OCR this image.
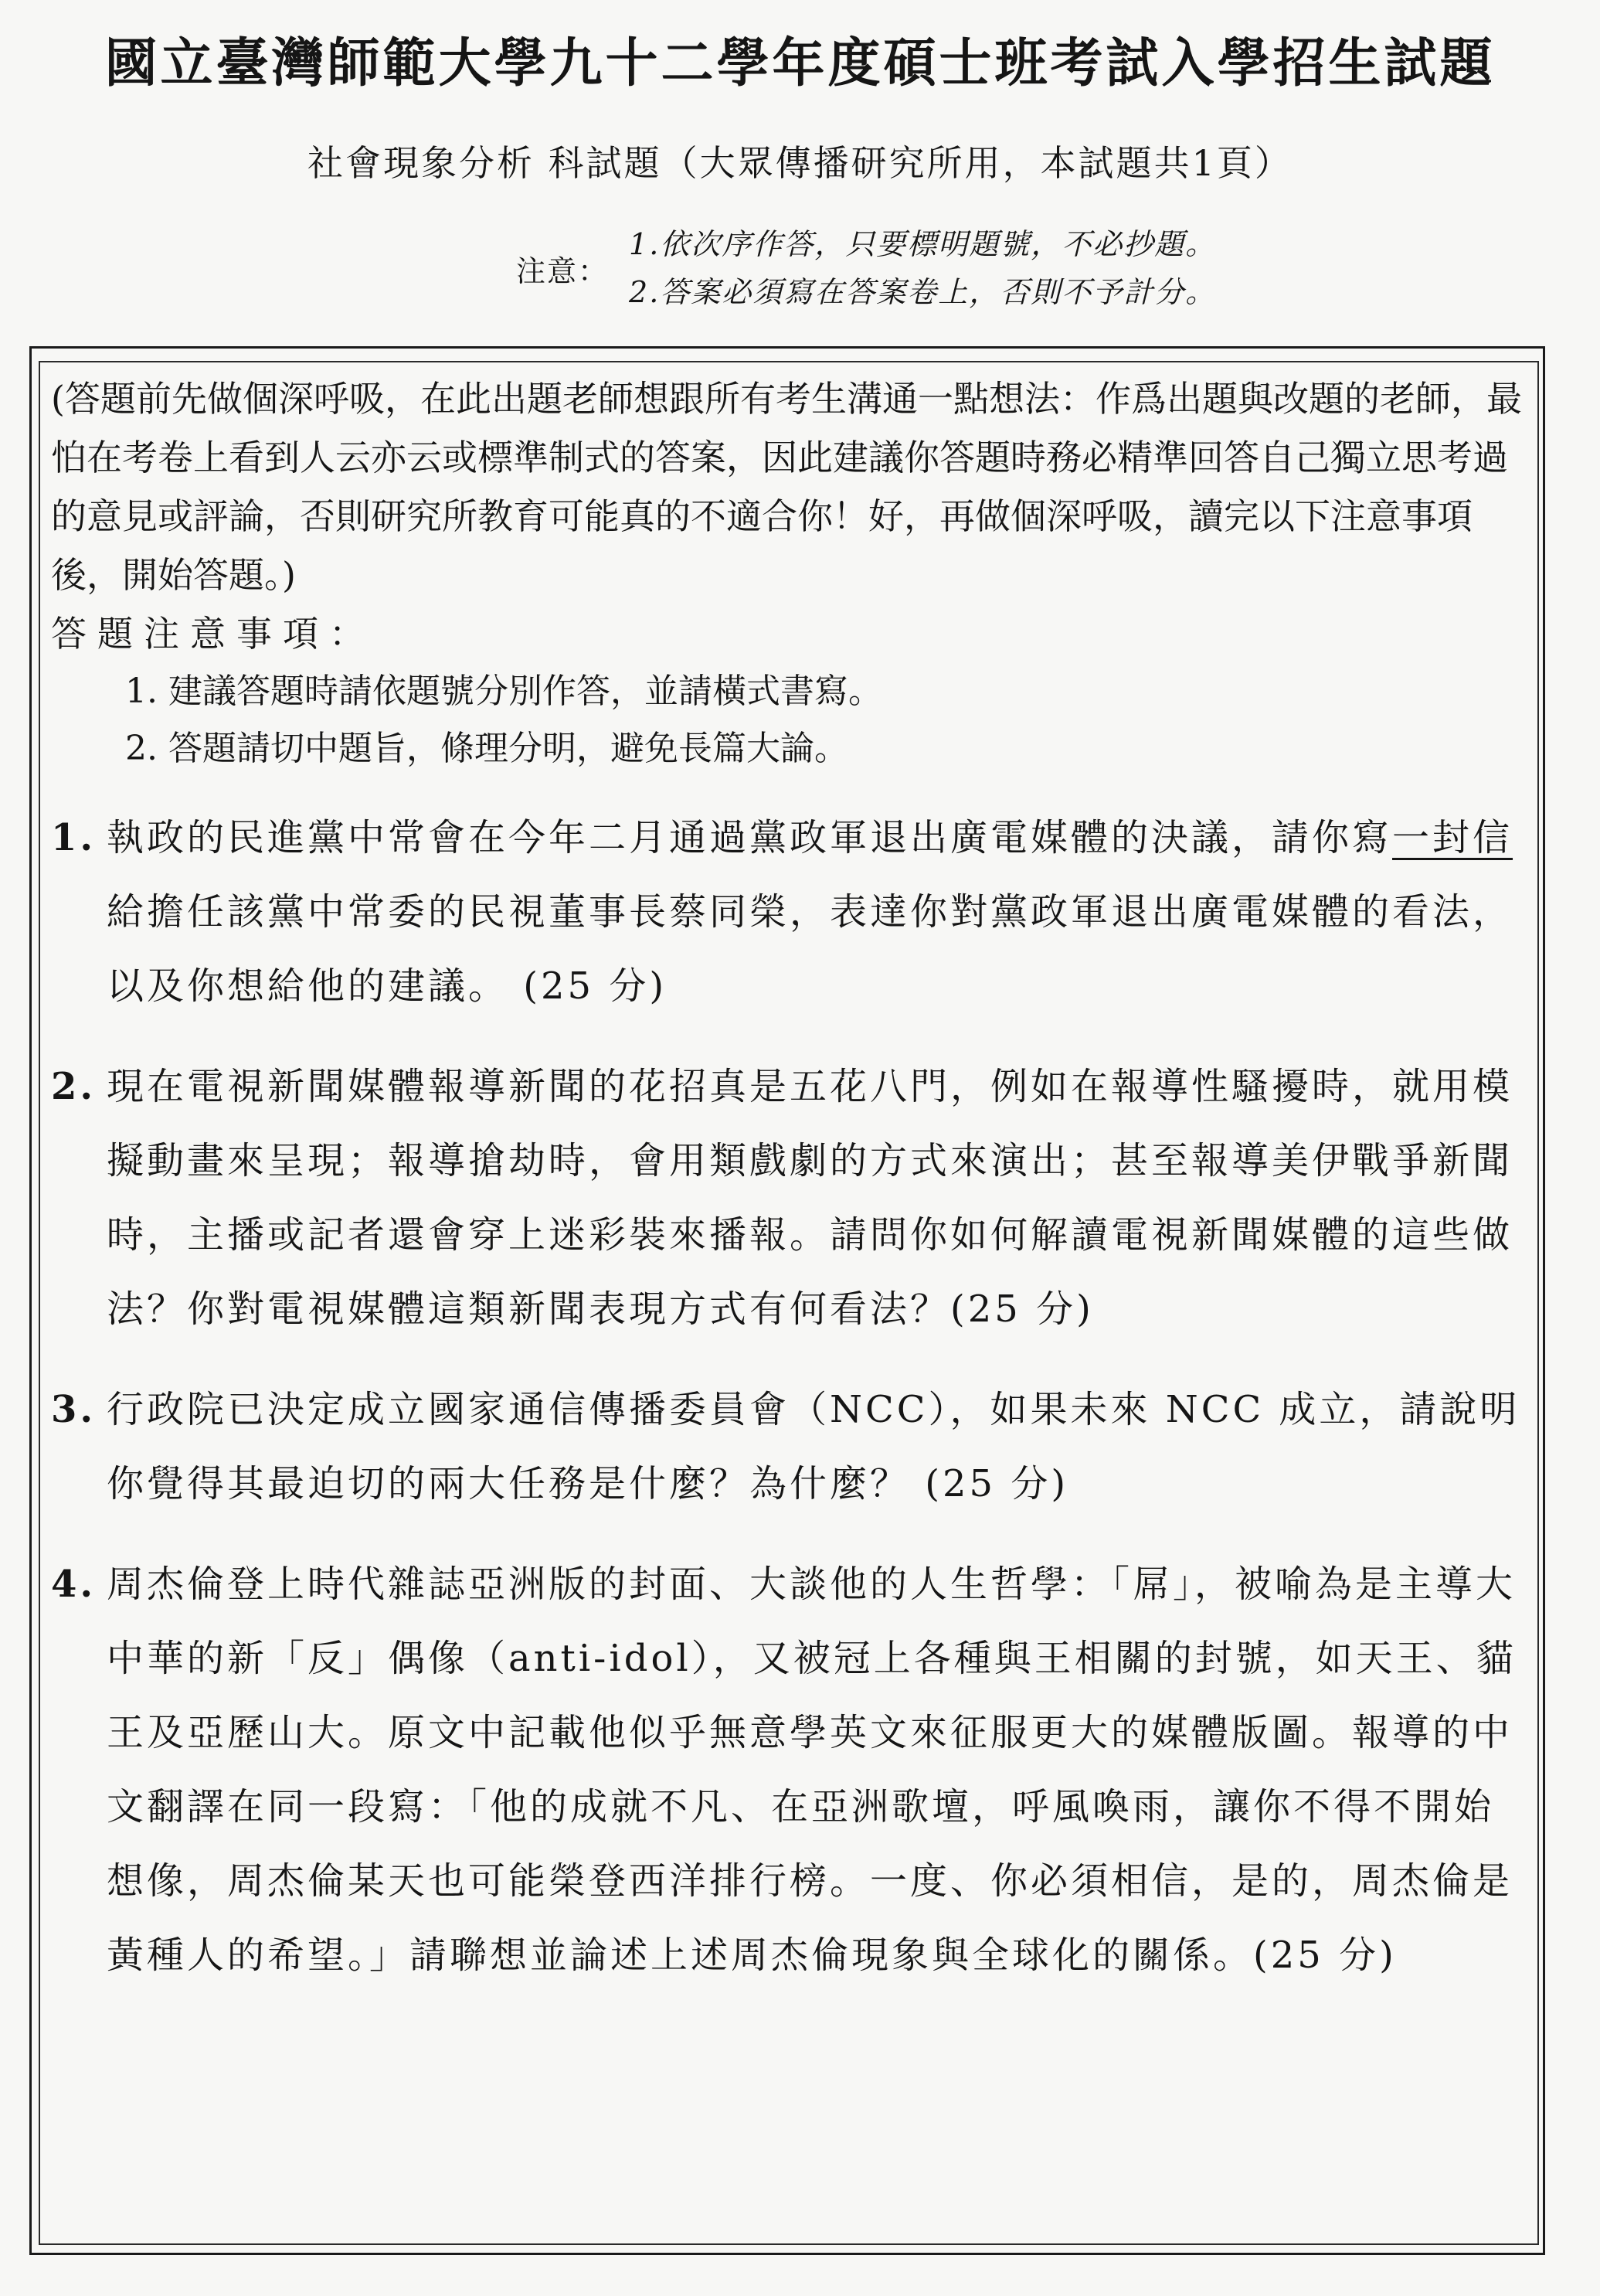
國立臺灣師範大學九十二學年度碩士班考試入學招生試題
社會現象分析 科試題（大眾傳播研究所用，本試題共1頁）
注意：
1.依次序作答，只要標明題號，不必抄題。
2.答案必須寫在答案卷上，否則不予計分。

(答題前先做個深呼吸，在此出題老師想跟所有考生溝通一點想法：作爲出題與改題的老師，最怕在考卷上看到人云亦云或標準制式的答案，因此建議你答題時務必精準回答自己獨立思考過的意見或評論，否則研究所教育可能真的不適合你！好，再做個深呼吸，讀完以下注意事項後，開始答題。)

答題注意事項：

1. 建議答題時請依題號分別作答，並請橫式書寫。
2. 答題請切中題旨，條理分明，避免長篇大論。
1. 執政的民進黨中常會在今年二月通過黨政軍退出廣電媒體的決議，請你寫一封信給擔任該黨中常委的民視董事長蔡同榮，表達你對黨政軍退出廣電媒體的看法，以及你想給他的建議。 (25 分)
2. 現在電視新聞媒體報導新聞的花招真是五花八門，例如在報導性騷擾時，就用模擬動畫來呈現；報導搶劫時，會用類戲劇的方式來演出；甚至報導美伊戰爭新聞時，主播或記者還會穿上迷彩裝來播報。請問你如何解讀電視新聞媒體的這些做法？你對電視媒體這類新聞表現方式有何看法？(25 分)
3. 行政院已決定成立國家通信傳播委員會（NCC），如果未來 NCC 成立，請說明你覺得其最迫切的兩大任務是什麼？為什麼？ (25 分)
4. 周杰倫登上時代雜誌亞洲版的封面、大談他的人生哲學：「屌」，被喻為是主導大中華的新「反」偶像（anti-idol），又被冠上各種與王相關的封號，如天王、貓王及亞歷山大。原文中記載他似乎無意學英文來征服更大的媒體版圖。報導的中文翻譯在同一段寫：「他的成就不凡、在亞洲歌壇，呼風喚雨，讓你不得不開始想像，周杰倫某天也可能榮登西洋排行榜。一度、你必須相信，是的，周杰倫是黃種人的希望。」請聯想並論述上述周杰倫現象與全球化的關係。(25 分)
